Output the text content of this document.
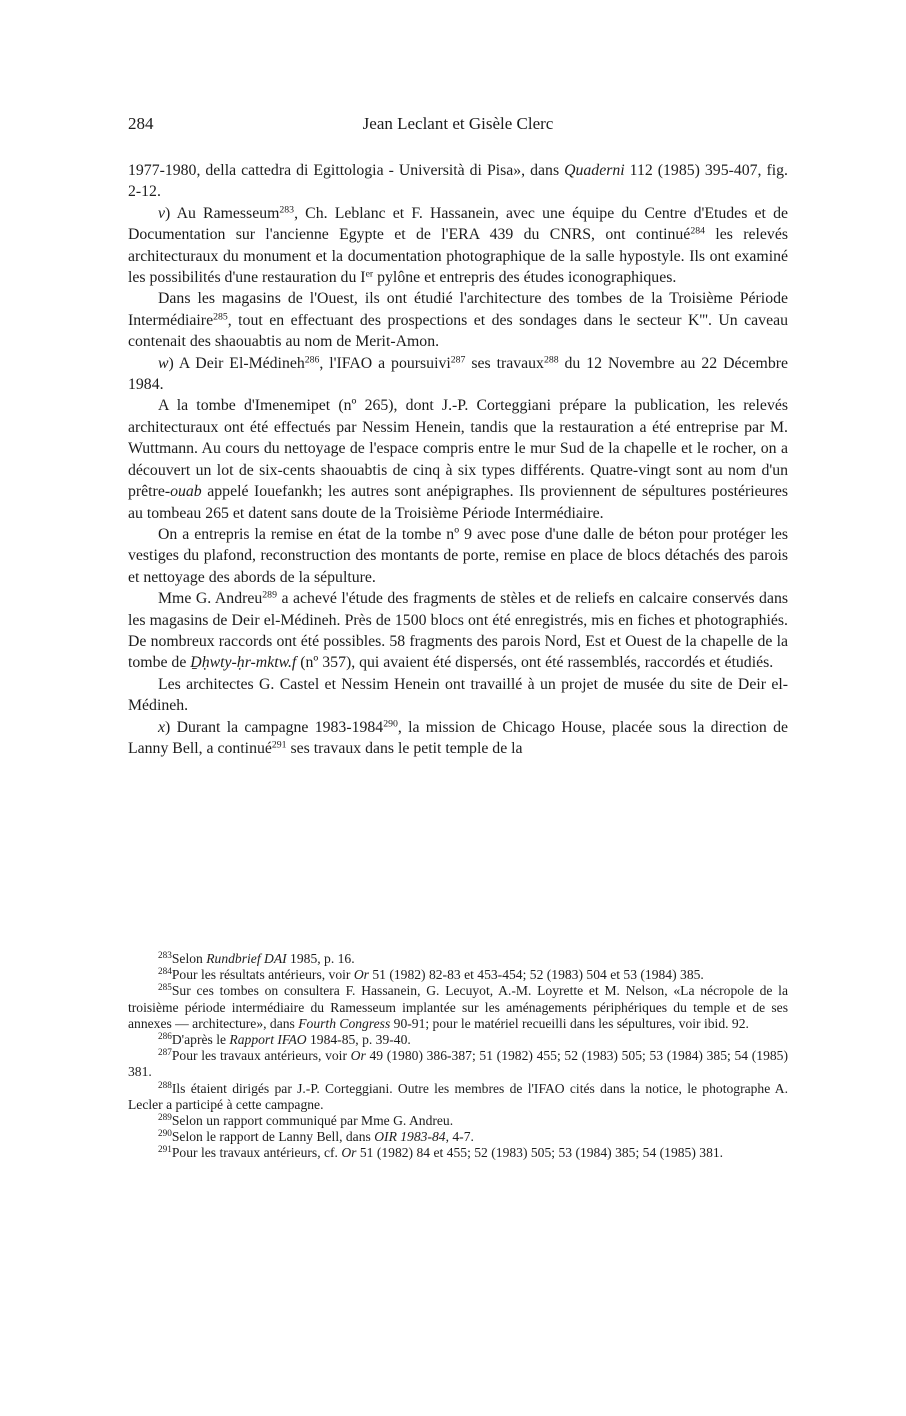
284	Jean Leclant et Gisèle Clerc

1977-1980, della cattedra di Egittologia - Università di Pisa», dans Quaderni 112 (1985) 395-407, fig. 2-12.

v) Au Ramesseum$^{283}$, Ch. Leblanc et F. Hassanein, avec une équipe du Centre d'Etudes et de Documentation sur l'ancienne Egypte et de l'ERA 439 du CNRS, ont continué$^{284}$ les relevés architecturaux du monument et la documentation photographique de la salle hypostyle. Ils ont examiné les possibilités d'une restauration du Ier pylône et entrepris des études iconographiques.

Dans les magasins de l'Ouest, ils ont étudié l'architecture des tombes de la Troisième Période Intermédiaire$^{285}$, tout en effectuant des prospections et des sondages dans le secteur K'''. Un caveau contenait des shaouabtis au nom de Merit-Amon.

w) A Deir El-Médineh$^{286}$, l'IFAO a poursuivi$^{287}$ ses travaux$^{288}$ du 12 Novembre au 22 Décembre 1984.

A la tombe d'Imenemipet (nº 265), dont J.-P. Corteggiani prépare la publication, les relevés architecturaux ont été effectués par Nessim Henein, tandis que la restauration a été entreprise par M. Wuttmann. Au cours du nettoyage de l'espace compris entre le mur Sud de la chapelle et le rocher, on a découvert un lot de six-cents shaouabtis de cinq à six types différents. Quatre-vingt sont au nom d'un prêtre-ouab appelé Iouefankh; les autres sont anépigraphes. Ils proviennent de sépultures postérieures au tombeau 265 et datent sans doute de la Troisième Période Intermédiaire.

On a entrepris la remise en état de la tombe nº 9 avec pose d'une dalle de béton pour protéger les vestiges du plafond, reconstruction des montants de porte, remise en place de blocs détachés des parois et nettoyage des abords de la sépulture.

Mme G. Andreu$^{289}$ a achevé l'étude des fragments de stèles et de reliefs en calcaire conservés dans les magasins de Deir el-Médineh. Près de 1500 blocs ont été enregistrés, mis en fiches et photographiés. De nombreux raccords ont été possibles. 58 fragments des parois Nord, Est et Ouest de la chapelle de la tombe de Ḏḥwty-ḥr-mktw.f (nº 357), qui avaient été dispersés, ont été rassemblés, raccordés et étudiés.

Les architectes G. Castel et Nessim Henein ont travaillé à un projet de musée du site de Deir el-Médineh.

x) Durant la campagne 1983-1984$^{290}$, la mission de Chicago House, placée sous la direction de Lanny Bell, a continué$^{291}$ ses travaux dans le petit temple de la

$^{283}$Selon Rundbrief DAI 1985, p. 16.

$^{284}$Pour les résultats antérieurs, voir Or 51 (1982) 82-83 et 453-454; 52 (1983) 504 et 53 (1984) 385.

$^{285}$Sur ces tombes on consultera F. Hassanein, G. Lecuyot, A.-M. Loyrette et M. Nelson, «La nécropole de la troisième période intermédiaire du Ramesseum implantée sur les aménagements périphériques du temple et de ses annexes — architecture», dans Fourth Congress 90-91; pour le matériel recueilli dans les sépultures, voir ibid. 92.

$^{286}$D'après le Rapport IFAO 1984-85, p. 39-40.

$^{287}$Pour les travaux antérieurs, voir Or 49 (1980) 386-387; 51 (1982) 455; 52 (1983) 505; 53 (1984) 385; 54 (1985) 381.

$^{288}$Ils étaient dirigés par J.-P. Corteggiani. Outre les membres de l'IFAO cités dans la notice, le photographe A. Lecler a participé à cette campagne.

$^{289}$Selon un rapport communiqué par Mme G. Andreu.

$^{290}$Selon le rapport de Lanny Bell, dans OIR 1983-84, 4-7.

$^{291}$Pour les travaux antérieurs, cf. Or 51 (1982) 84 et 455; 52 (1983) 505; 53 (1984) 385; 54 (1985) 381.
